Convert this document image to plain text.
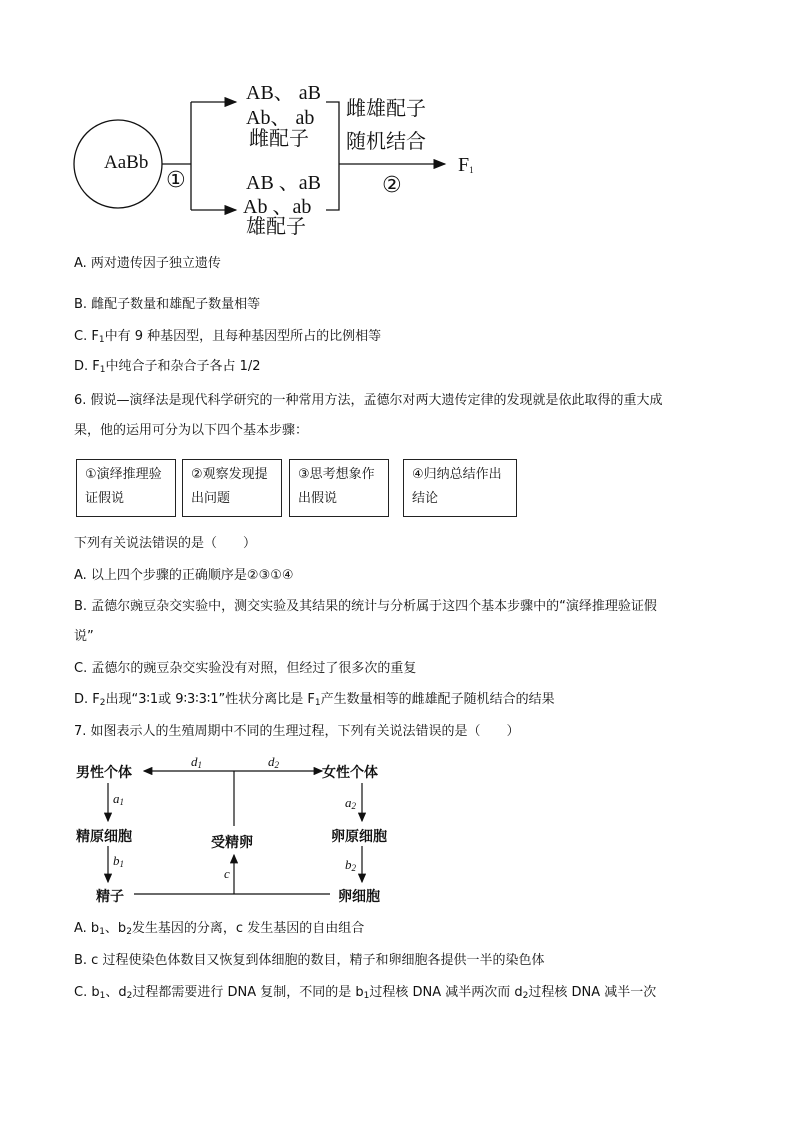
AaBb
①
AB、 aB
Ab、 ab
雌配子
AB 、aB
Ab 、ab
雄配子
雌雄配子
随机结合
②
$F_1$
A. 两对遗传因子独立遗传
B. 雌配子数量和雄配子数量相等
C. $F_1$中有 9 种基因型，且每种基因型所占的比例相等
D. $F_1$中纯合子和杂合子各占 1/2
6. 假说—演绎法是现代科学研究的一种常用方法，孟德尔对两大遗传定律的发现就是依此取得的重大成
果，他的运用可分为以下四个基本步骤：
①演绎推理验
证假说
②观察发现提
出问题
③思考想象作
出假说
④归纳总结作出
结论
下列有关说法错误的是（　　）
A. 以上四个步骤的正确顺序是②③①④
B. 孟德尔豌豆杂交实验中，测交实验及其结果的统计与分析属于这四个基本步骤中的“演绎推理验证假
说”
C. 孟德尔的豌豆杂交实验没有对照，但经过了很多次的重复
D. $F_2$出现“3∶1或 9∶3∶3∶1”性状分离比是 $F_1$产生数量相等的雌雄配子随机结合的结果
7. 如图表示人的生殖周期中不同的生理过程，下列有关说法错误的是（　　）
男性个体	女性个体
$d_1$	$d_2$
$a_1$	$a_2$
精原细胞	卵原细胞
受精卵
$b_1$	$b_2$
c
精子	卵细胞
A. $b_1$、$b_2$发生基因的分离，c 发生基因的自由组合
B. c 过程使染色体数目又恢复到体细胞的数目，精子和卵细胞各提供一半的染色体
C. $b_1$、$d_2$过程都需要进行 DNA 复制，不同的是 $b_1$过程核 DNA 减半两次而 $d_2$过程核 DNA 减半一次
